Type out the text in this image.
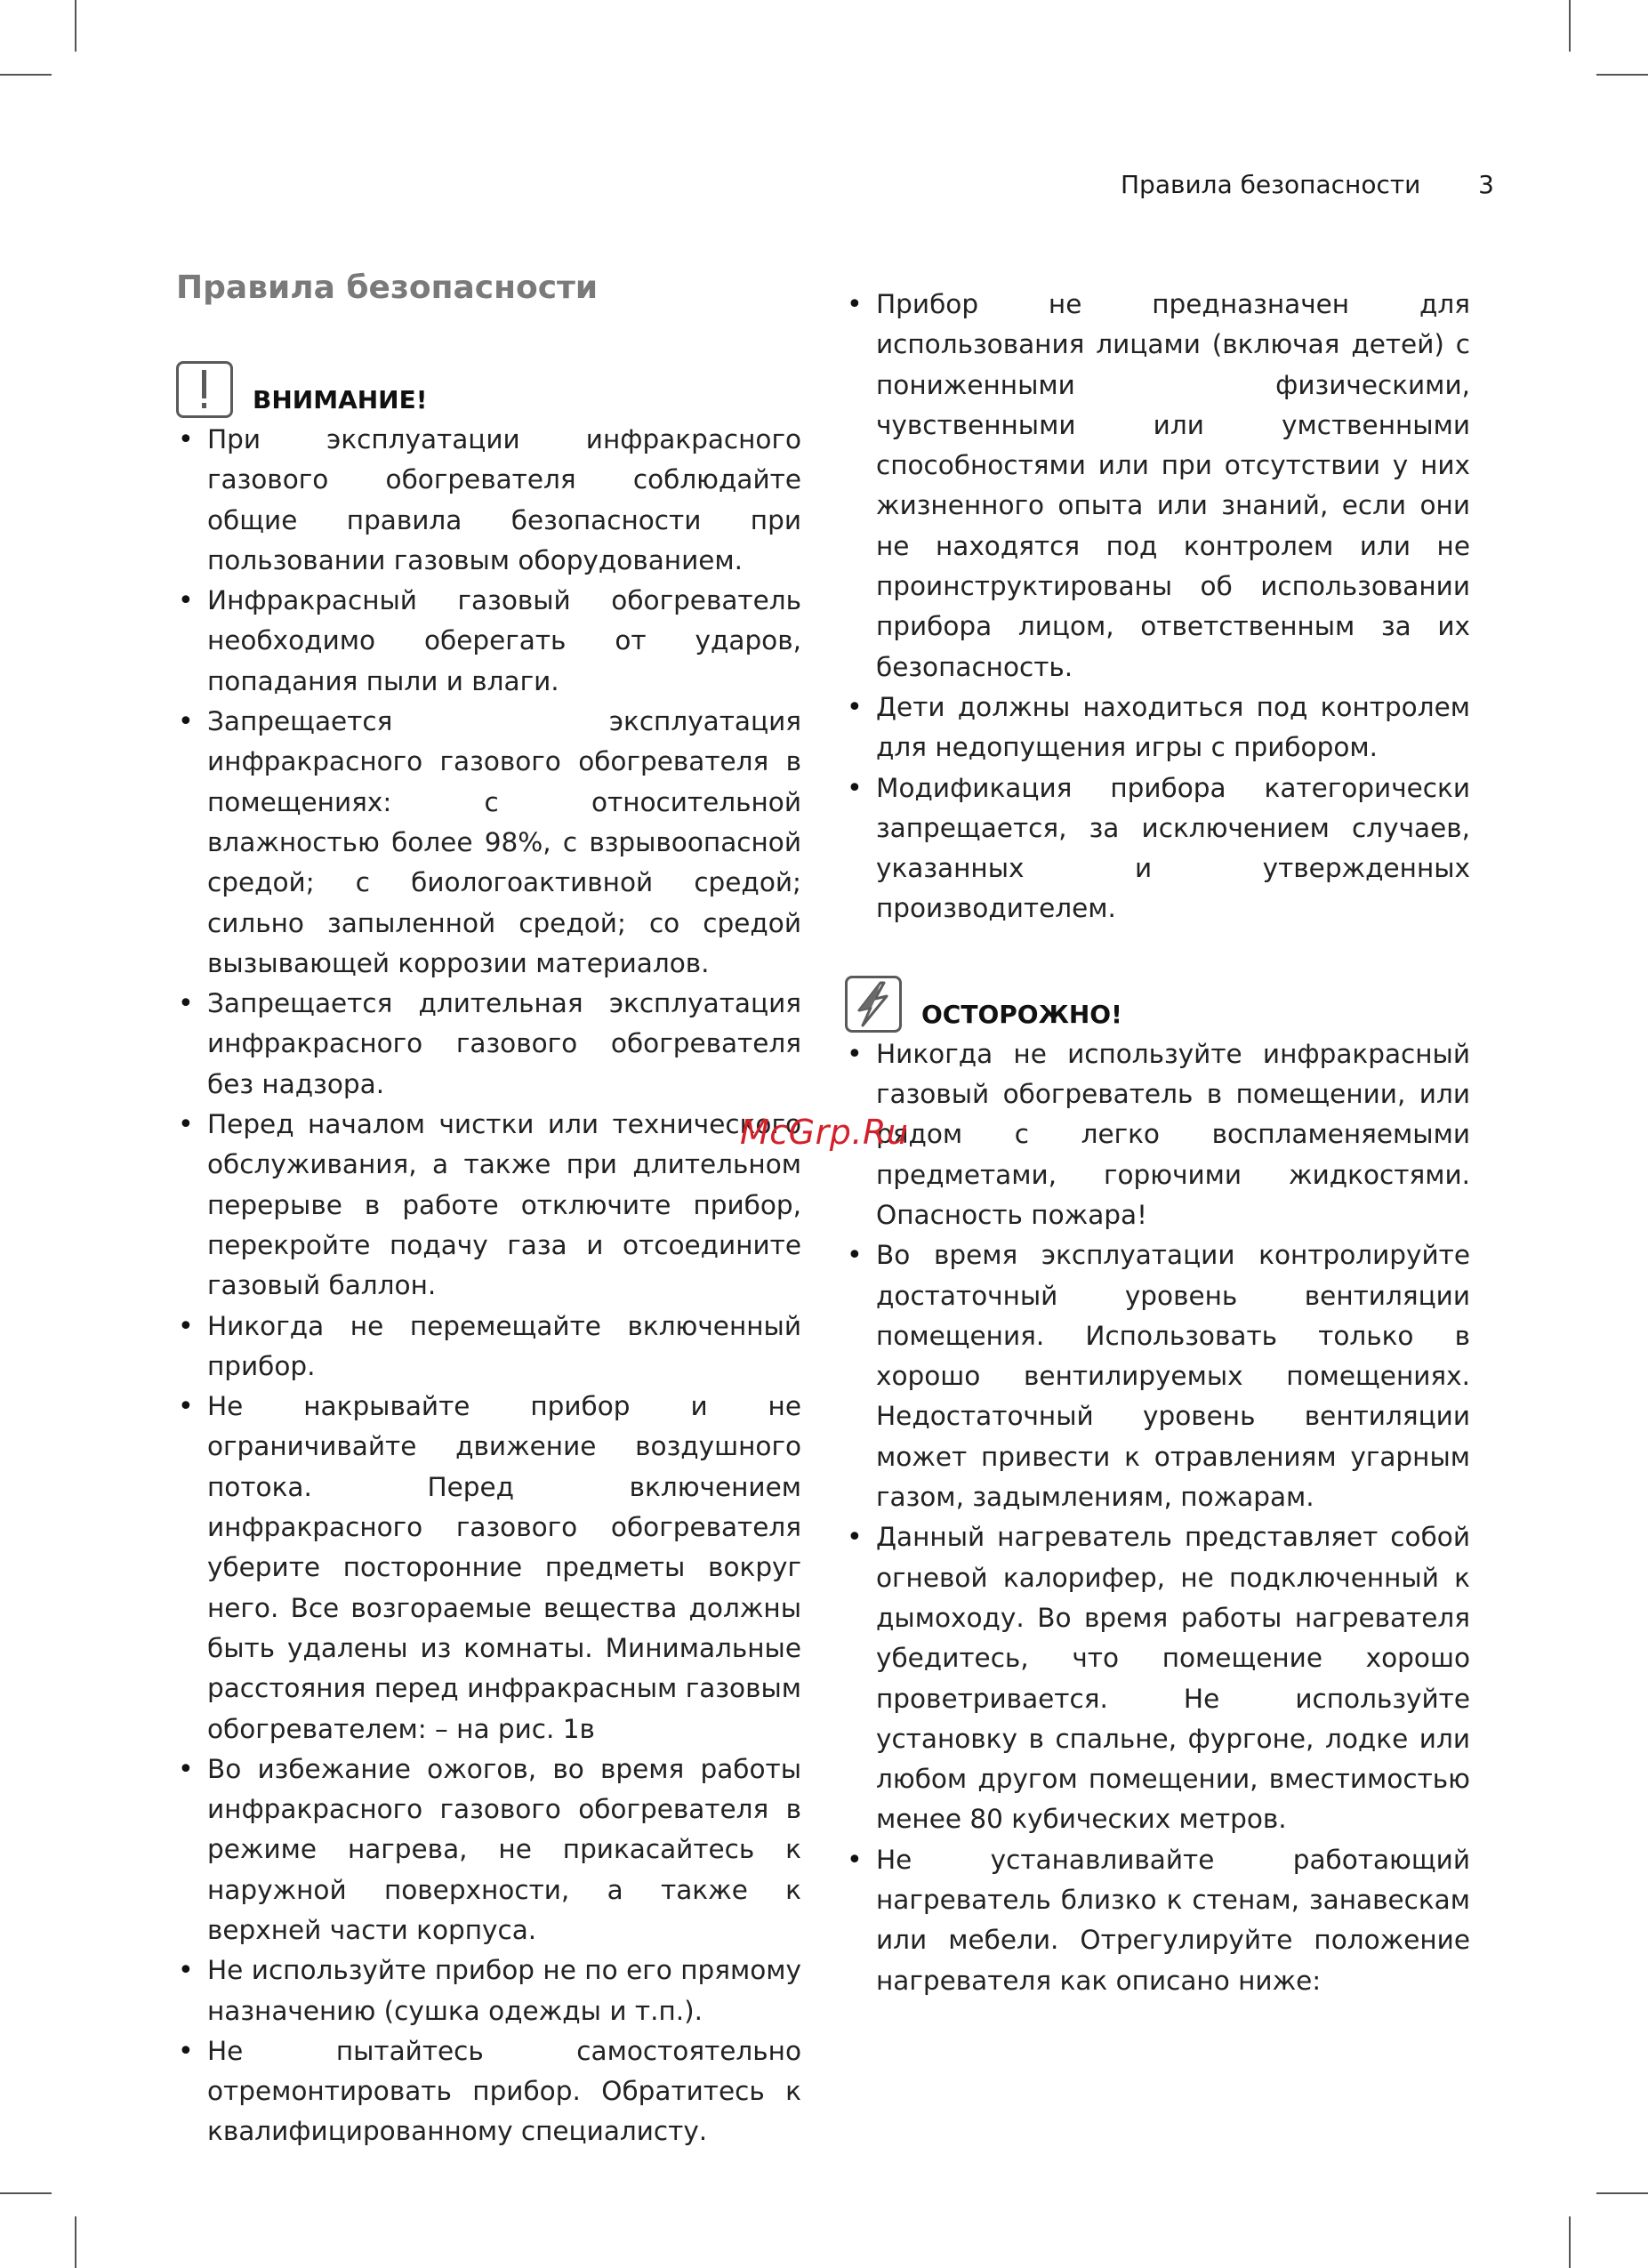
Правила безопасности 3
Правила безопасности
ВНИМАНИЕ!
• При эксплуатации инфракрасного газового обогревателя соблюдайте общие правила безопасности при пользовании газовым оборудованием.
• Инфракрасный газовый обогреватель необходимо оберегать от ударов, попадания пыли и влаги.
• Запрещается эксплуатация инфракрасного газового обогревателя в помещениях: с относительной влажностью более 98%, с взрывоопасной средой; с биологоактивной средой; сильно запыленной средой; со средой вызывающей коррозии материалов.
• Запрещается длительная эксплуатация инфракрасного газового обогревателя без надзора.
• Перед началом чистки или технического обслуживания, а также при длительном перерыве в работе отключите прибор, перекройте подачу газа и отсоедините газовый баллон.
• Никогда не перемещайте включенный прибор.
• Не накрывайте прибор и не ограничивайте движение воздушного потока. Перед включением инфракрасного газового обогревателя уберите посторонние предметы вокруг него. Все возгораемые вещества должны быть удалены из комнаты. Минимальные расстояния перед инфракрасным газовым обогревателем: – на рис. 1в
• Во избежание ожогов, во время работы инфракрасного газового обогревателя в режиме нагрева, не прикасайтесь к наружной поверхности, а также к верхней части корпуса.
• Не используйте прибор не по его прямому назначению (сушка одежды и т.п.).
• Не пытайтесь самостоятельно отремонтировать прибор. Обратитесь к квалифицированному специалисту.
• Прибор не предназначен для использования лицами (включая детей) с пониженными физическими, чувственными или умственными способностями или при отсутствии у них жизненного опыта или знаний, если они не находятся под контролем или не проинструктированы об использовании прибора лицом, ответственным за их безопасность.
• Дети должны находиться под контролем для недопущения игры с прибором.
• Модификация прибора категорически запрещается, за исключением случаев, указанных и утвержденных производителем.
ОСТОРОЖНО!
• Никогда не используйте инфракрасный газовый обогреватель в помещении, или рядом с легко воспламеняемыми предметами, горючими жидкостями. Опасность пожара!
• Во время эксплуатации контролируйте достаточный уровень вентиляции помещения. Использовать только в хорошо вентилируемых помещениях. Недостаточный уровень вентиляции может привести к отравлениям угарным газом, задымлениям, пожарам.
• Данный нагреватель представляет собой огневой калорифер, не подключенный к дымоходу. Во время работы нагревателя убедитесь, что помещение хорошо проветривается. Не используйте установку в спальне, фургоне, лодке или любом другом помещении, вместимостью менее 80 кубических метров.
• Не устанавливайте работающий нагреватель близко к стенам, занавескам или мебели. Отрегулируйте положение нагревателя как описано ниже:
McGrp.Ru
